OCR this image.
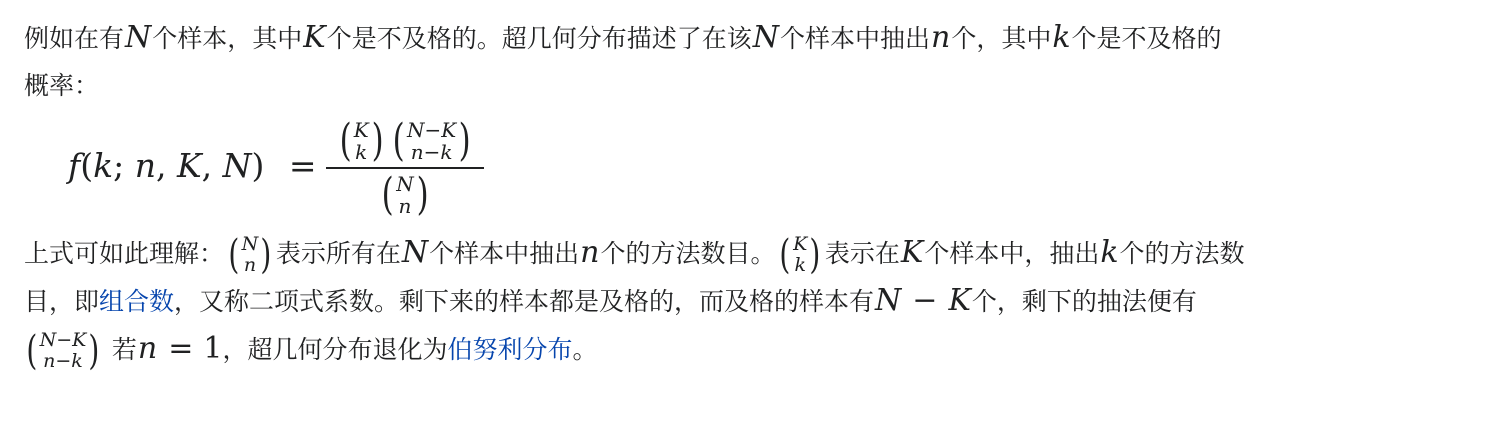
例如在有N个样本，其中K个是不及格的。超几何分布描述了在该N个样本中抽出n个，其中k个是不及格的
概率：

f(k; n, K, N) = ( K
k ) ( N−K
n−k )
( N
n )

上式可如此理解： ( N
n ) 表示所有在N个样本中抽出n个的方法数目。 ( K
k ) 表示在K个样本中，抽出k个的方法数
目，即组合数，又称二项式系数。剩下来的样本都是及格的，而及格的样本有N − K个，剩下的抽法便有

( N−K
n−k ) 若n = 1，超几何分布退化为伯努利分布。
